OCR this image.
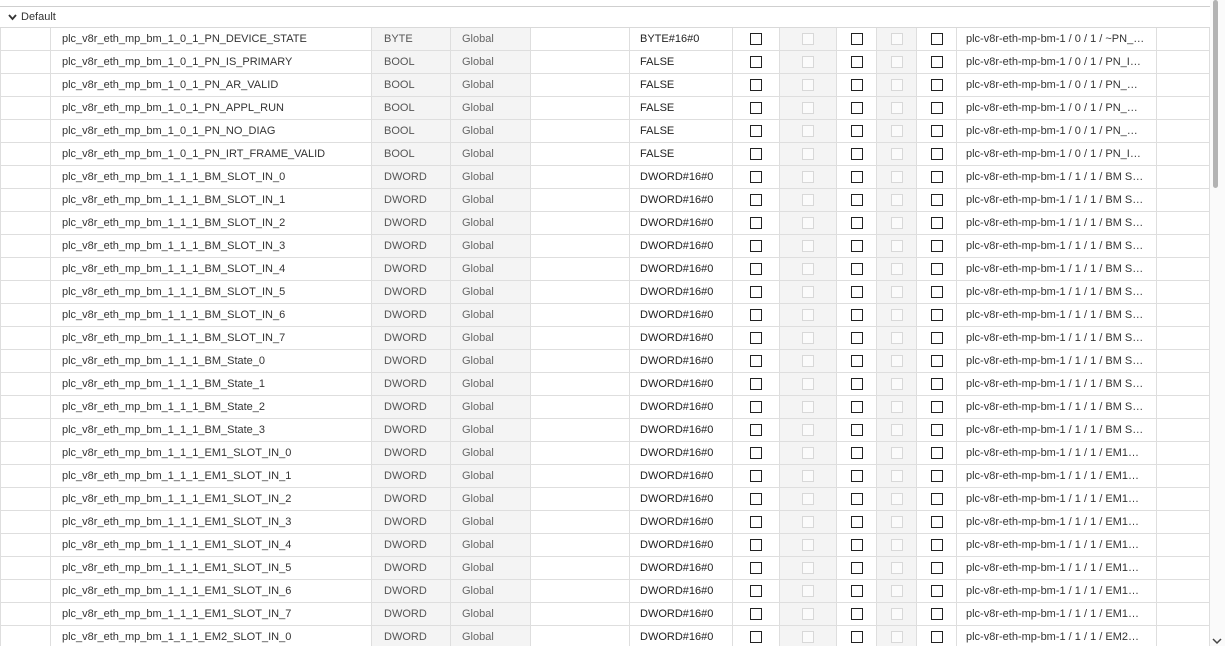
Default
	plc_v8r_eth_mp_bm_1_0_1_PN_DEVICE_STATE	BYTE	Global		BYTE#16#0						plc-v8r-eth-mp-bm-1 / 0 / 1 / ~PN_…	
	plc_v8r_eth_mp_bm_1_0_1_PN_IS_PRIMARY	BOOL	Global		FALSE						plc-v8r-eth-mp-bm-1 / 0 / 1 / PN_I…	
	plc_v8r_eth_mp_bm_1_0_1_PN_AR_VALID	BOOL	Global		FALSE						plc-v8r-eth-mp-bm-1 / 0 / 1 / PN_…	
	plc_v8r_eth_mp_bm_1_0_1_PN_APPL_RUN	BOOL	Global		FALSE						plc-v8r-eth-mp-bm-1 / 0 / 1 / PN_…	
	plc_v8r_eth_mp_bm_1_0_1_PN_NO_DIAG	BOOL	Global		FALSE						plc-v8r-eth-mp-bm-1 / 0 / 1 / PN_…	
	plc_v8r_eth_mp_bm_1_0_1_PN_IRT_FRAME_VALID	BOOL	Global		FALSE						plc-v8r-eth-mp-bm-1 / 0 / 1 / PN_I…	
	plc_v8r_eth_mp_bm_1_1_1_BM_SLOT_IN_0	DWORD	Global		DWORD#16#0						plc-v8r-eth-mp-bm-1 / 1 / 1 / BM S…	
	plc_v8r_eth_mp_bm_1_1_1_BM_SLOT_IN_1	DWORD	Global		DWORD#16#0						plc-v8r-eth-mp-bm-1 / 1 / 1 / BM S…	
	plc_v8r_eth_mp_bm_1_1_1_BM_SLOT_IN_2	DWORD	Global		DWORD#16#0						plc-v8r-eth-mp-bm-1 / 1 / 1 / BM S…	
	plc_v8r_eth_mp_bm_1_1_1_BM_SLOT_IN_3	DWORD	Global		DWORD#16#0						plc-v8r-eth-mp-bm-1 / 1 / 1 / BM S…	
	plc_v8r_eth_mp_bm_1_1_1_BM_SLOT_IN_4	DWORD	Global		DWORD#16#0						plc-v8r-eth-mp-bm-1 / 1 / 1 / BM S…	
	plc_v8r_eth_mp_bm_1_1_1_BM_SLOT_IN_5	DWORD	Global		DWORD#16#0						plc-v8r-eth-mp-bm-1 / 1 / 1 / BM S…	
	plc_v8r_eth_mp_bm_1_1_1_BM_SLOT_IN_6	DWORD	Global		DWORD#16#0						plc-v8r-eth-mp-bm-1 / 1 / 1 / BM S…	
	plc_v8r_eth_mp_bm_1_1_1_BM_SLOT_IN_7	DWORD	Global		DWORD#16#0						plc-v8r-eth-mp-bm-1 / 1 / 1 / BM S…	
	plc_v8r_eth_mp_bm_1_1_1_BM_State_0	DWORD	Global		DWORD#16#0						plc-v8r-eth-mp-bm-1 / 1 / 1 / BM S…	
	plc_v8r_eth_mp_bm_1_1_1_BM_State_1	DWORD	Global		DWORD#16#0						plc-v8r-eth-mp-bm-1 / 1 / 1 / BM S…	
	plc_v8r_eth_mp_bm_1_1_1_BM_State_2	DWORD	Global		DWORD#16#0						plc-v8r-eth-mp-bm-1 / 1 / 1 / BM S…	
	plc_v8r_eth_mp_bm_1_1_1_BM_State_3	DWORD	Global		DWORD#16#0						plc-v8r-eth-mp-bm-1 / 1 / 1 / BM S…	
	plc_v8r_eth_mp_bm_1_1_1_EM1_SLOT_IN_0	DWORD	Global		DWORD#16#0						plc-v8r-eth-mp-bm-1 / 1 / 1 / EM1…	
	plc_v8r_eth_mp_bm_1_1_1_EM1_SLOT_IN_1	DWORD	Global		DWORD#16#0						plc-v8r-eth-mp-bm-1 / 1 / 1 / EM1…	
	plc_v8r_eth_mp_bm_1_1_1_EM1_SLOT_IN_2	DWORD	Global		DWORD#16#0						plc-v8r-eth-mp-bm-1 / 1 / 1 / EM1…	
	plc_v8r_eth_mp_bm_1_1_1_EM1_SLOT_IN_3	DWORD	Global		DWORD#16#0						plc-v8r-eth-mp-bm-1 / 1 / 1 / EM1…	
	plc_v8r_eth_mp_bm_1_1_1_EM1_SLOT_IN_4	DWORD	Global		DWORD#16#0						plc-v8r-eth-mp-bm-1 / 1 / 1 / EM1…	
	plc_v8r_eth_mp_bm_1_1_1_EM1_SLOT_IN_5	DWORD	Global		DWORD#16#0						plc-v8r-eth-mp-bm-1 / 1 / 1 / EM1…	
	plc_v8r_eth_mp_bm_1_1_1_EM1_SLOT_IN_6	DWORD	Global		DWORD#16#0						plc-v8r-eth-mp-bm-1 / 1 / 1 / EM1…	
	plc_v8r_eth_mp_bm_1_1_1_EM1_SLOT_IN_7	DWORD	Global		DWORD#16#0						plc-v8r-eth-mp-bm-1 / 1 / 1 / EM1…	
	plc_v8r_eth_mp_bm_1_1_1_EM2_SLOT_IN_0	DWORD	Global		DWORD#16#0						plc-v8r-eth-mp-bm-1 / 1 / 1 / EM2…	
